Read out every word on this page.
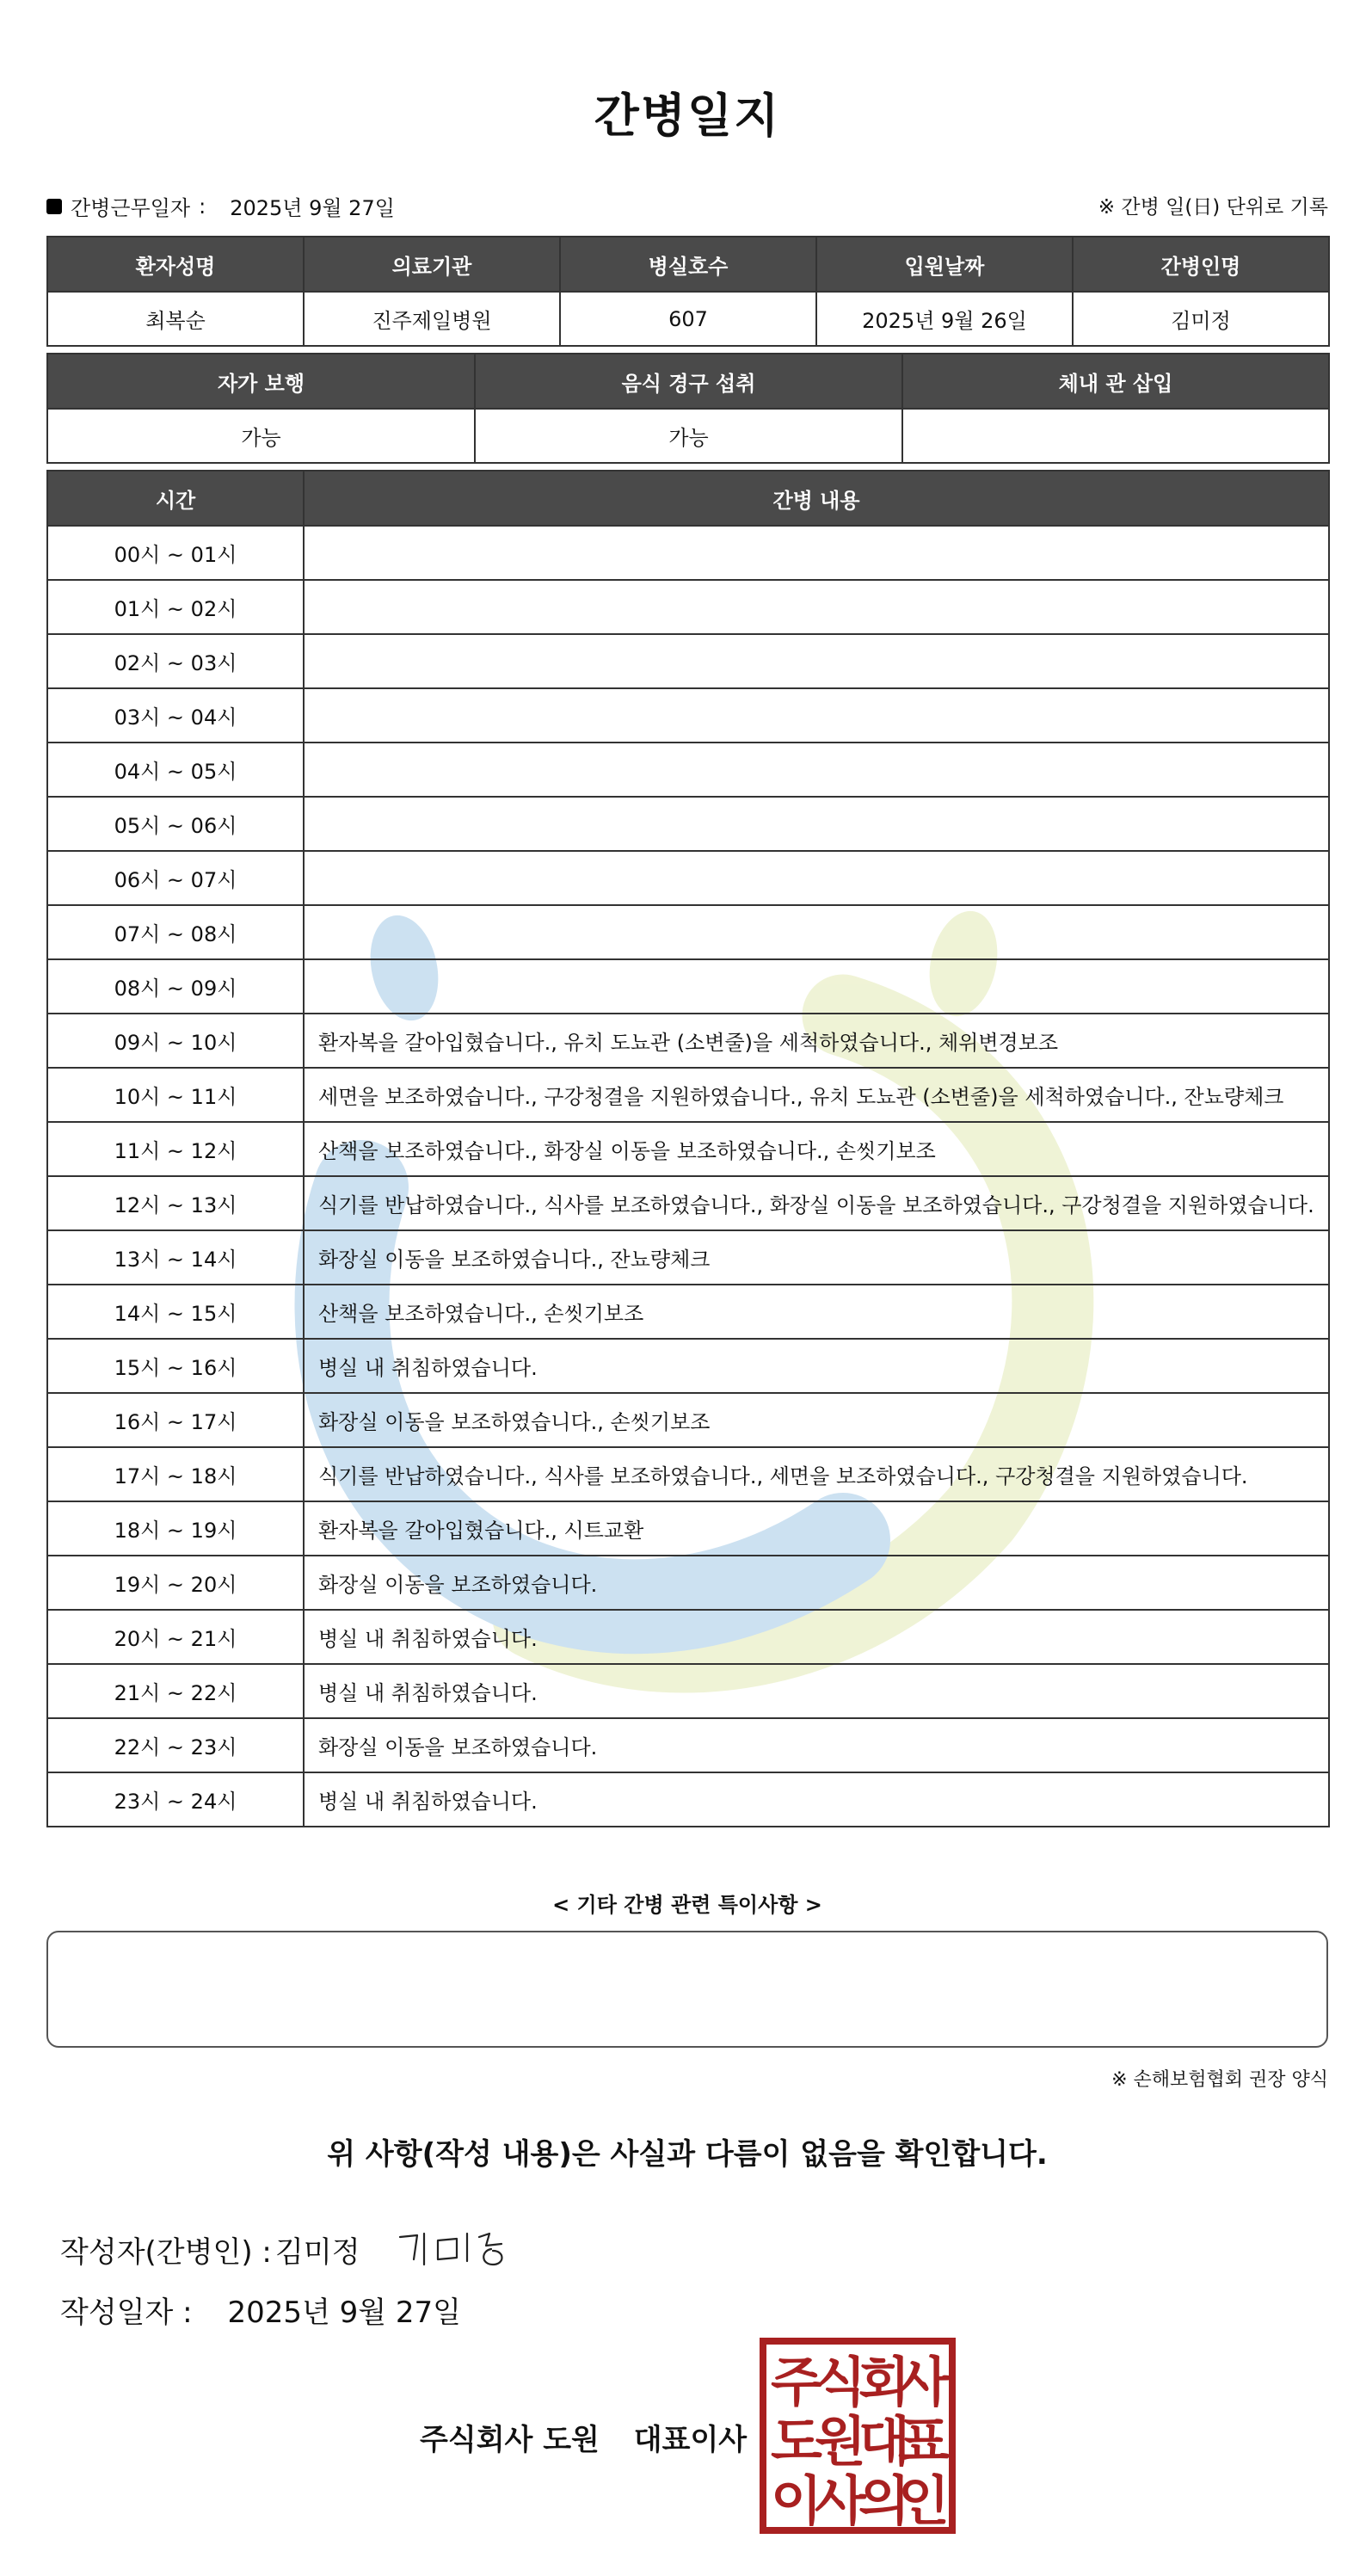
간병일지
간병근무일자 : 2025년 9월 27일	※ 간병 일(日) 단위로 기록
환자성명	의료기관	병실호수	입원날짜	간병인명
최복순	진주제일병원	607	2025년 9월 26일	김미정
자가 보행	음식 경구 섭취	체내 관 삽입
가능	가능	
시간	간병 내용
00시 ~ 01시	
01시 ~ 02시	
02시 ~ 03시	
03시 ~ 04시	
04시 ~ 05시	
05시 ~ 06시	
06시 ~ 07시	
07시 ~ 08시	
08시 ~ 09시	
09시 ~ 10시	환자복을 갈아입혔습니다., 유치 도뇨관 (소변줄)을 세척하였습니다., 체위변경보조
10시 ~ 11시	세면을 보조하였습니다., 구강청결을 지원하였습니다., 유치 도뇨관 (소변줄)을 세척하였습니다., 잔뇨량체크
11시 ~ 12시	산책을 보조하였습니다., 화장실 이동을 보조하였습니다., 손씻기보조
12시 ~ 13시	식기를 반납하였습니다., 식사를 보조하였습니다., 화장실 이동을 보조하였습니다., 구강청결을 지원하였습니다.
13시 ~ 14시	화장실 이동을 보조하였습니다., 잔뇨량체크
14시 ~ 15시	산책을 보조하였습니다., 손씻기보조
15시 ~ 16시	병실 내 취침하였습니다.
16시 ~ 17시	화장실 이동을 보조하였습니다., 손씻기보조
17시 ~ 18시	식기를 반납하였습니다., 식사를 보조하였습니다., 세면을 보조하였습니다., 구강청결을 지원하였습니다.
18시 ~ 19시	환자복을 갈아입혔습니다., 시트교환
19시 ~ 20시	화장실 이동을 보조하였습니다.
20시 ~ 21시	병실 내 취침하였습니다.
21시 ~ 22시	병실 내 취침하였습니다.
22시 ~ 23시	화장실 이동을 보조하였습니다.
23시 ~ 24시	병실 내 취침하였습니다.
< 기타 간병 관련 특이사항 >
※ 손해보험협회 권장 양식
위 사항(작성 내용)은 사실과 다름이 없음을 확인합니다.
작성자(간병인) : 김미정
작성일자 : 2025년 9월 27일
주식회사 도원 대표이사
주
식
회
사
도
원
대
표
이
사
의
인
